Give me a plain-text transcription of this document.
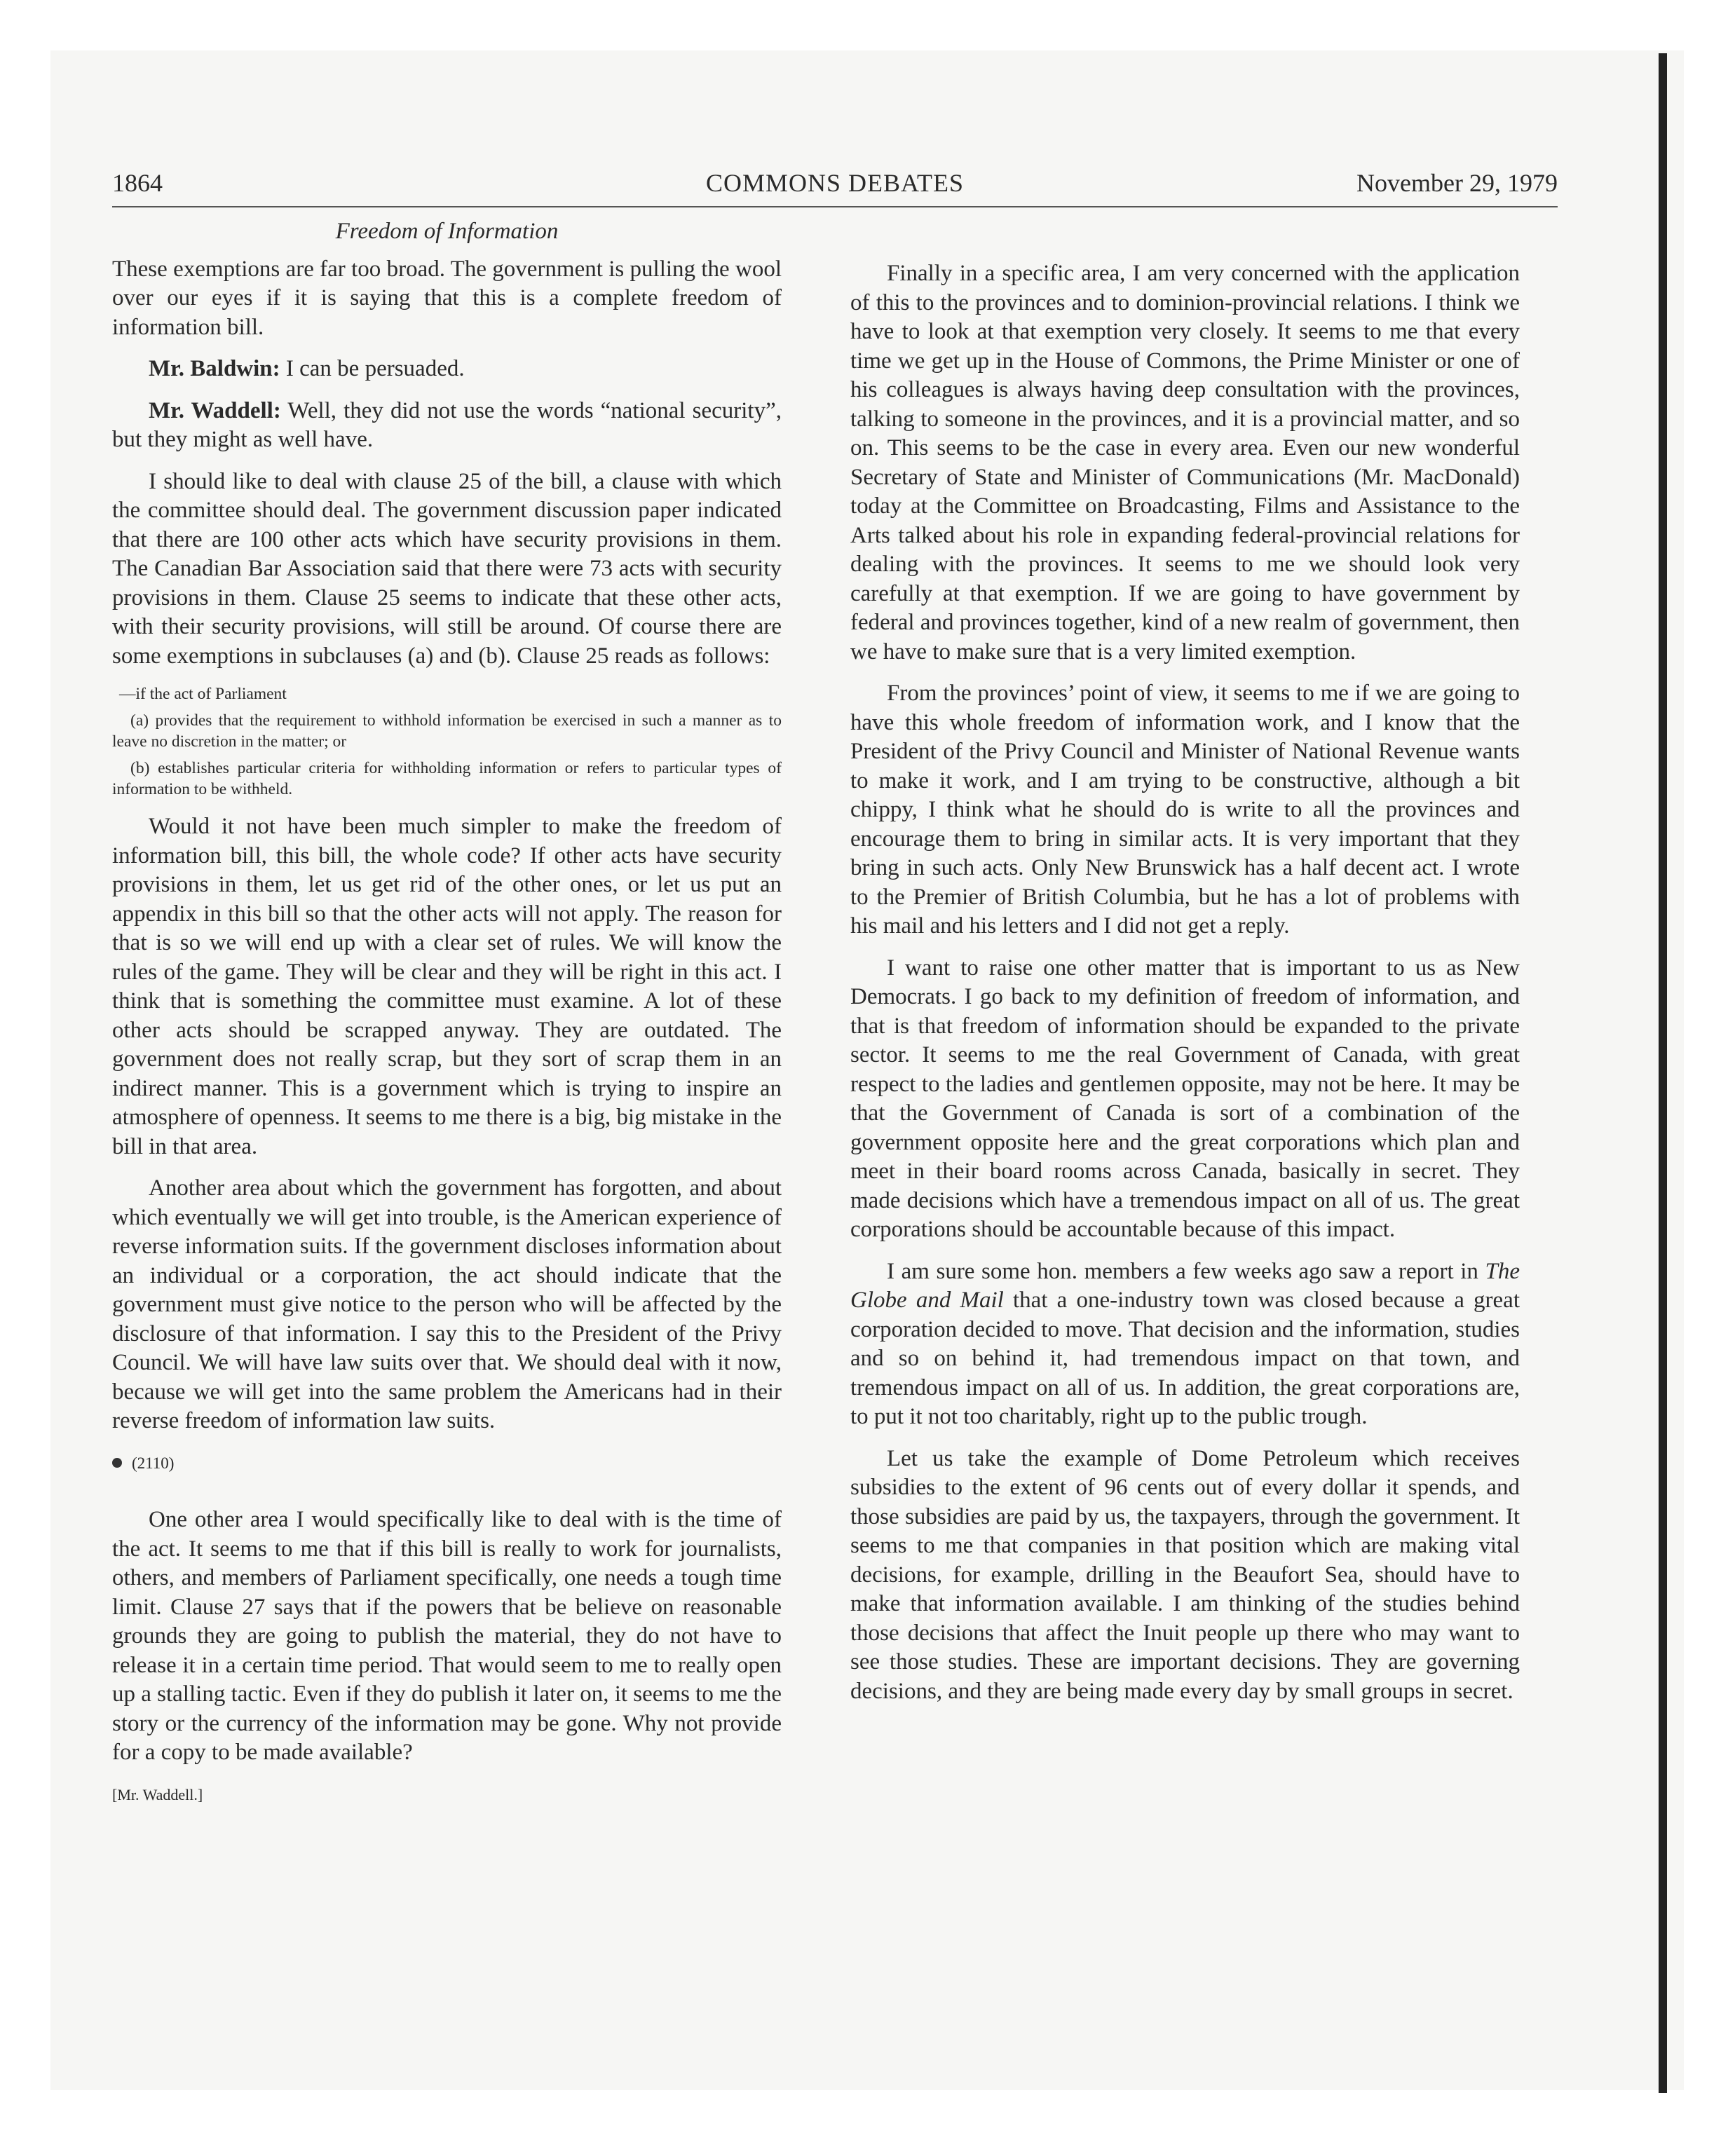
1864	COMMONS DEBATES	November 29, 1979
Freedom of Information

These exemptions are far too broad. The government is pulling the wool over our eyes if it is saying that this is a complete freedom of information bill.

Mr. Baldwin: I can be persuaded.

Mr. Waddell: Well, they did not use the words “national security”, but they might as well have.

I should like to deal with clause 25 of the bill, a clause with which the committee should deal. The government discussion paper indicated that there are 100 other acts which have security provisions in them. The Canadian Bar Association said that there were 73 acts with security provisions in them. Clause 25 seems to indicate that these other acts, with their security provisions, will still be around. Of course there are some exemptions in subclauses (a) and (b). Clause 25 reads as follows:

—if the act of Parliament
(a) provides that the requirement to withhold information be exercised in such a manner as to leave no discretion in the matter; or
(b) establishes particular criteria for withholding information or refers to particular types of information to be withheld.

Would it not have been much simpler to make the freedom of information bill, this bill, the whole code? If other acts have security provisions in them, let us get rid of the other ones, or let us put an appendix in this bill so that the other acts will not apply. The reason for that is so we will end up with a clear set of rules. We will know the rules of the game. They will be clear and they will be right in this act. I think that is something the committee must examine. A lot of these other acts should be scrapped anyway. They are outdated. The government does not really scrap, but they sort of scrap them in an indirect manner. This is a government which is trying to inspire an atmosphere of openness. It seems to me there is a big, big mistake in the bill in that area.

Another area about which the government has forgotten, and about which eventually we will get into trouble, is the American experience of reverse information suits. If the government discloses information about an individual or a corporation, the act should indicate that the government must give notice to the person who will be affected by the disclosure of that information. I say this to the President of the Privy Council. We will have law suits over that. We should deal with it now, because we will get into the same problem the Americans had in their reverse freedom of information law suits.

(2110)

One other area I would specifically like to deal with is the time of the act. It seems to me that if this bill is really to work for journalists, others, and members of Parliament specifically, one needs a tough time limit. Clause 27 says that if the powers that be believe on reasonable grounds they are going to publish the material, they do not have to release it in a certain time period. That would seem to me to really open up a stalling tactic. Even if they do publish it later on, it seems to me the story or the currency of the information may be gone. Why not provide for a copy to be made available?

[Mr. Waddell.]

Finally in a specific area, I am very concerned with the application of this to the provinces and to dominion-provincial relations. I think we have to look at that exemption very closely. It seems to me that every time we get up in the House of Commons, the Prime Minister or one of his colleagues is always having deep consultation with the provinces, talking to someone in the provinces, and it is a provincial matter, and so on. This seems to be the case in every area. Even our new wonderful Secretary of State and Minister of Communications (Mr. MacDonald) today at the Committee on Broadcasting, Films and Assistance to the Arts talked about his role in expanding federal-provincial relations for dealing with the provinces. It seems to me we should look very carefully at that exemption. If we are going to have government by federal and provinces together, kind of a new realm of government, then we have to make sure that is a very limited exemption.

From the provinces’ point of view, it seems to me if we are going to have this whole freedom of information work, and I know that the President of the Privy Council and Minister of National Revenue wants to make it work, and I am trying to be constructive, although a bit chippy, I think what he should do is write to all the provinces and encourage them to bring in similar acts. It is very important that they bring in such acts. Only New Brunswick has a half decent act. I wrote to the Premier of British Columbia, but he has a lot of problems with his mail and his letters and I did not get a reply.

I want to raise one other matter that is important to us as New Democrats. I go back to my definition of freedom of information, and that is that freedom of information should be expanded to the private sector. It seems to me the real Government of Canada, with great respect to the ladies and gentlemen opposite, may not be here. It may be that the Government of Canada is sort of a combination of the government opposite here and the great corporations which plan and meet in their board rooms across Canada, basically in secret. They made decisions which have a tremendous impact on all of us. The great corporations should be accountable because of this impact.

I am sure some hon. members a few weeks ago saw a report in The Globe and Mail that a one-industry town was closed because a great corporation decided to move. That decision and the information, studies and so on behind it, had tremendous impact on that town, and tremendous impact on all of us. In addition, the great corporations are, to put it not too charitably, right up to the public trough.

Let us take the example of Dome Petroleum which receives subsidies to the extent of 96 cents out of every dollar it spends, and those subsidies are paid by us, the taxpayers, through the government. It seems to me that companies in that position which are making vital decisions, for example, drilling in the Beaufort Sea, should have to make that information available. I am thinking of the studies behind those decisions that affect the Inuit people up there who may want to see those studies. These are important decisions. They are governing decisions, and they are being made every day by small groups in secret.
